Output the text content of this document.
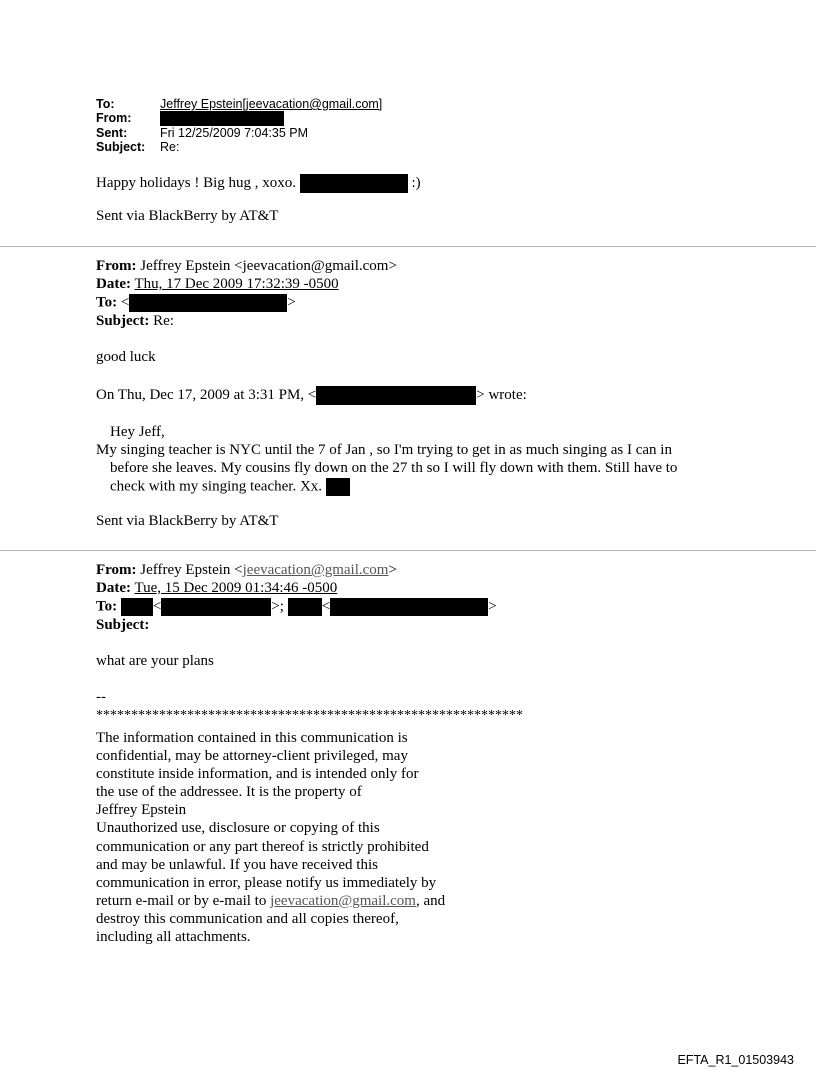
To:	Jeffrey Epstein[jeevacation@gmail.com]
From:
Sent:	Fri 12/25/2009 7:04:35 PM
Subject: Re:
Happy holidays ! Big hug , xoxo.	:)
Sent via BlackBerry by AT&T
From: Jeffrey Epstein <jeevacation@gmail.com>
Date: Thu, 17 Dec 2009 17:32:39 -0500
To: <	>
Subject: Re:
good luck
On Thu, Dec 17, 2009 at 3:31 PM, <	> wrote:
Hey Jeff,
My singing teacher is NYC until the 7 of Jan , so I'm trying to get in as much singing as I can in
before she leaves. My cousins fly down on the 27 th so I will fly down with them. Still have to
check with my singing teacher. Xx.
Sent via BlackBerry by AT&T
From: Jeffrey Epstein <jeevacation@gmail.com>
Date: Tue, 15 Dec 2009 01:34:46 -0500
To: <	>;	<	>
Subject:
what are your plans
--
*************************************************************
The information contained in this communication is
confidential, may be attorney-client privileged, may
constitute inside information, and is intended only for
the use of the addressee. It is the property of
Jeffrey Epstein
Unauthorized use, disclosure or copying of this
communication or any part thereof is strictly prohibited
and may be unlawful. If you have received this
communication in error, please notify us immediately by
return e-mail or by e-mail to jeevacation@gmail.com, and
destroy this communication and all copies thereof,
including all attachments.
EFTA_R1_01503943
